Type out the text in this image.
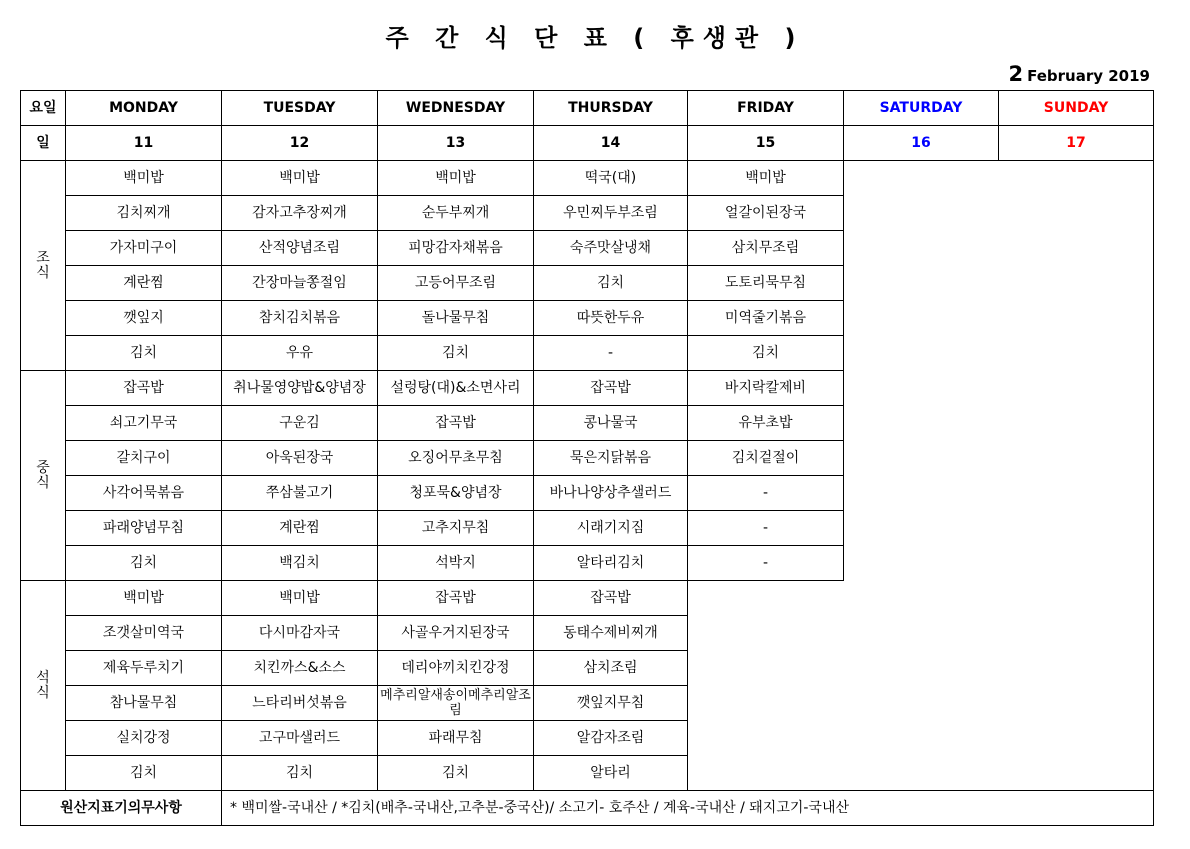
주 간 식 단 표 ( 후생관 )
2 February 2019
요일	MONDAY	TUESDAY	WEDNESDAY	THURSDAY	FRIDAY	SATURDAY	SUNDAY
일	11	12	13	14	15	16	17

조
식	백미밥	백미밥	백미밥	떡국(대)	백미밥		
	김치찌개	감자고추장찌개	순두부찌개	우민찌두부조림	얼갈이된장국		
	가자미구이	산적양념조림	피망감자채볶음	숙주맛살냉채	삼치무조림		
	계란찜	간장마늘쫑절임	고등어무조림	김치	도토리묵무침		
	깻잎지	참치김치볶음	돌나물무침	따뜻한두유	미역줄기볶음		
	김치	우유	김치	-	김치		

중
식	잡곡밥	취나물영양밥&양념장	설렁탕(대)&소면사리	잡곡밥	바지락칼제비		
	쇠고기무국	구운김	잡곡밥	콩나물국	유부초밥		
	갈치구이	아욱된장국	오징어무초무침	묵은지닭볶음	김치겉절이		
	사각어묵볶음	쭈삼불고기	청포묵&양념장	바나나양상추샐러드	-		
	파래양념무침	계란찜	고추지무침	시래기지짐	-		
	김치	백김치	석박지	알타리김치	-		

석
식	백미밥	백미밥	잡곡밥	잡곡밥			
	조갯살미역국	다시마감자국	사골우거지된장국	동태수제비찌개			
	제육두루치기	치킨까스&소스	데리야끼치킨강정	삼치조림			
	참나물무침	느타리버섯볶음	메추리알새송이메추리알조림	깻잎지무침			
	실치강정	고구마샐러드	파래무침	알감자조림			
	김치	김치	김치	알타리			
원산지표기의무사항		* 백미쌀-국내산 / *김치(배추-국내산,고추분-중국산)/ 소고기- 호주산 / 계육-국내산 / 돼지고기-국내산					
